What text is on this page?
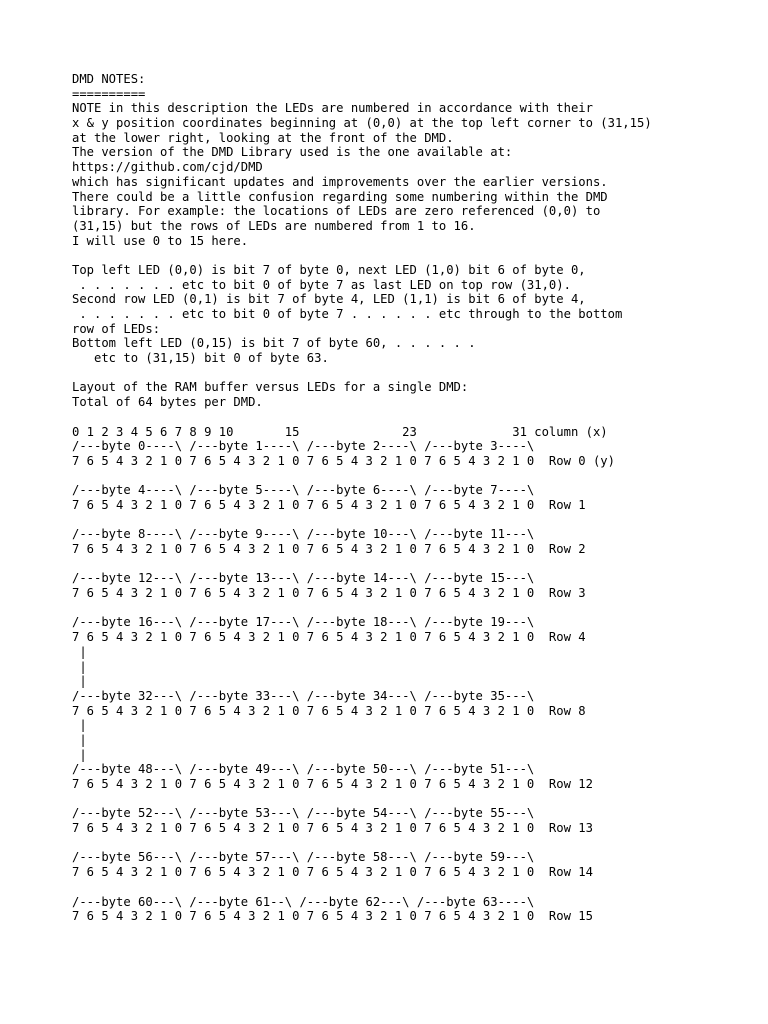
DMD NOTES:
==========
NOTE in this description the LEDs are numbered in accordance with their
x & y position coordinates beginning at (0,0) at the top left corner to (31,15)
at the lower right, looking at the front of the DMD.
The version of the DMD Library used is the one available at:
https://github.com/cjd/DMD
which has significant updates and improvements over the earlier versions.
There could be a little confusion regarding some numbering within the DMD
library. For example: the locations of LEDs are zero referenced (0,0) to
(31,15) but the rows of LEDs are numbered from 1 to 16.
I will use 0 to 15 here.
Top left LED (0,0) is bit 7 of byte 0, next LED (1,0) bit 6 of byte 0,
. . . . . . . etc to bit 0 of byte 7 as last LED on top row (31,0).
Second row LED (0,1) is bit 7 of byte 4, LED (1,1) is bit 6 of byte 4,
. . . . . . . etc to bit 0 of byte 7 . . . . . . etc through to the bottom
row of LEDs:
Bottom left LED (0,15) is bit 7 of byte 60, . . . . . .
etc to (31,15) bit 0 of byte 63.
Layout of the RAM buffer versus LEDs for a single DMD:
Total of 64 bytes per DMD.
0 1 2 3 4 5 6 7 8 9 10       15              23             31 column (x)
/---byte 0----\ /---byte 1----\ /---byte 2----\ /---byte 3----\
7 6 5 4 3 2 1 0 7 6 5 4 3 2 1 0 7 6 5 4 3 2 1 0 7 6 5 4 3 2 1 0  Row 0 (y)
/---byte 4----\ /---byte 5----\ /---byte 6----\ /---byte 7----\
7 6 5 4 3 2 1 0 7 6 5 4 3 2 1 0 7 6 5 4 3 2 1 0 7 6 5 4 3 2 1 0  Row 1
/---byte 8----\ /---byte 9----\ /---byte 10---\ /---byte 11---\
7 6 5 4 3 2 1 0 7 6 5 4 3 2 1 0 7 6 5 4 3 2 1 0 7 6 5 4 3 2 1 0  Row 2
/---byte 12---\ /---byte 13---\ /---byte 14---\ /---byte 15---\
7 6 5 4 3 2 1 0 7 6 5 4 3 2 1 0 7 6 5 4 3 2 1 0 7 6 5 4 3 2 1 0  Row 3
/---byte 16---\ /---byte 17---\ /---byte 18---\ /---byte 19---\
7 6 5 4 3 2 1 0 7 6 5 4 3 2 1 0 7 6 5 4 3 2 1 0 7 6 5 4 3 2 1 0  Row 4
|
|
|
/---byte 32---\ /---byte 33---\ /---byte 34---\ /---byte 35---\
7 6 5 4 3 2 1 0 7 6 5 4 3 2 1 0 7 6 5 4 3 2 1 0 7 6 5 4 3 2 1 0  Row 8
|
|
|
/---byte 48---\ /---byte 49---\ /---byte 50---\ /---byte 51---\
7 6 5 4 3 2 1 0 7 6 5 4 3 2 1 0 7 6 5 4 3 2 1 0 7 6 5 4 3 2 1 0  Row 12
/---byte 52---\ /---byte 53---\ /---byte 54---\ /---byte 55---\
7 6 5 4 3 2 1 0 7 6 5 4 3 2 1 0 7 6 5 4 3 2 1 0 7 6 5 4 3 2 1 0  Row 13
/---byte 56---\ /---byte 57---\ /---byte 58---\ /---byte 59---\
7 6 5 4 3 2 1 0 7 6 5 4 3 2 1 0 7 6 5 4 3 2 1 0 7 6 5 4 3 2 1 0  Row 14
/---byte 60---\ /---byte 61--\ /---byte 62---\ /---byte 63----\
7 6 5 4 3 2 1 0 7 6 5 4 3 2 1 0 7 6 5 4 3 2 1 0 7 6 5 4 3 2 1 0  Row 15
